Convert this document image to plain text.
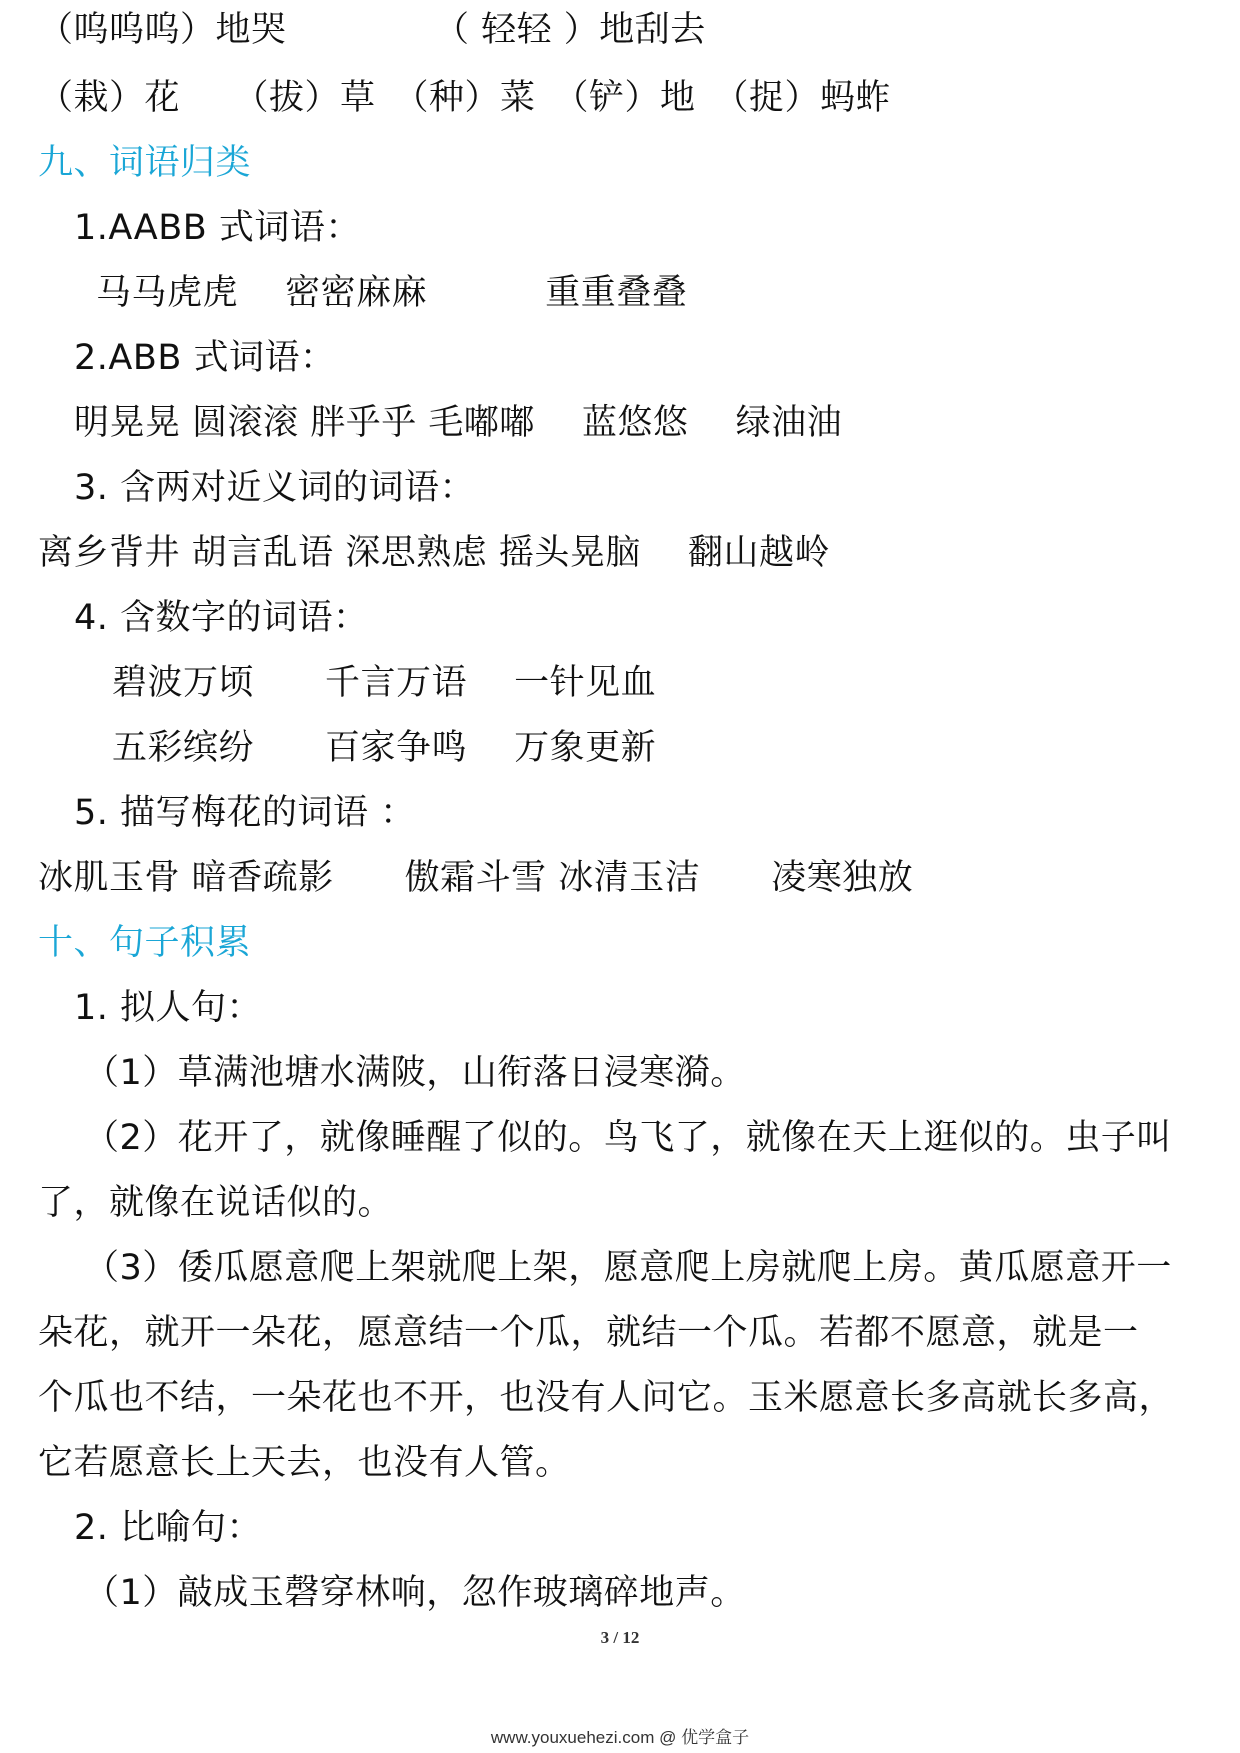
（呜呜呜）地哭	（ 轻轻 ）地刮去
（栽）花　　（拔）草　（种）菜　（铲）地　（捉）蚂蚱
九、词语归类
1.AABB 式词语：
马马虎虎　 密密麻麻　　　 重重叠叠
2.ABB 式词语：
明晃晃 圆滚滚 胖乎乎 毛嘟嘟　 蓝悠悠　 绿油油
3. 含两对近义词的词语：
离乡背井 胡言乱语 深思熟虑 摇头晃脑　 翻山越岭
4. 含数字的词语：
碧波万顷　　千言万语　 一针见血
五彩缤纷　　百家争鸣　 万象更新
5. 描写梅花的词语 ：
冰肌玉骨 暗香疏影　　傲霜斗雪 冰清玉洁　　凌寒独放
十、句子积累
1. 拟人句：
（1）草满池塘水满陂，山衔落日浸寒漪。
（2）花开了，就像睡醒了似的。鸟飞了，就像在天上逛似的。虫子叫
了，就像在说话似的。
（3）倭瓜愿意爬上架就爬上架，愿意爬上房就爬上房。黄瓜愿意开一
朵花，就开一朵花，愿意结一个瓜，就结一个瓜。若都不愿意，就是一
个瓜也不结，一朵花也不开，也没有人问它。玉米愿意长多高就长多高，
它若愿意长上天去，也没有人管。
2. 比喻句：
（1）敲成玉磬穿林响，忽作玻璃碎地声。
3 / 12
www.youxuehezi.com @ 优学盒子
